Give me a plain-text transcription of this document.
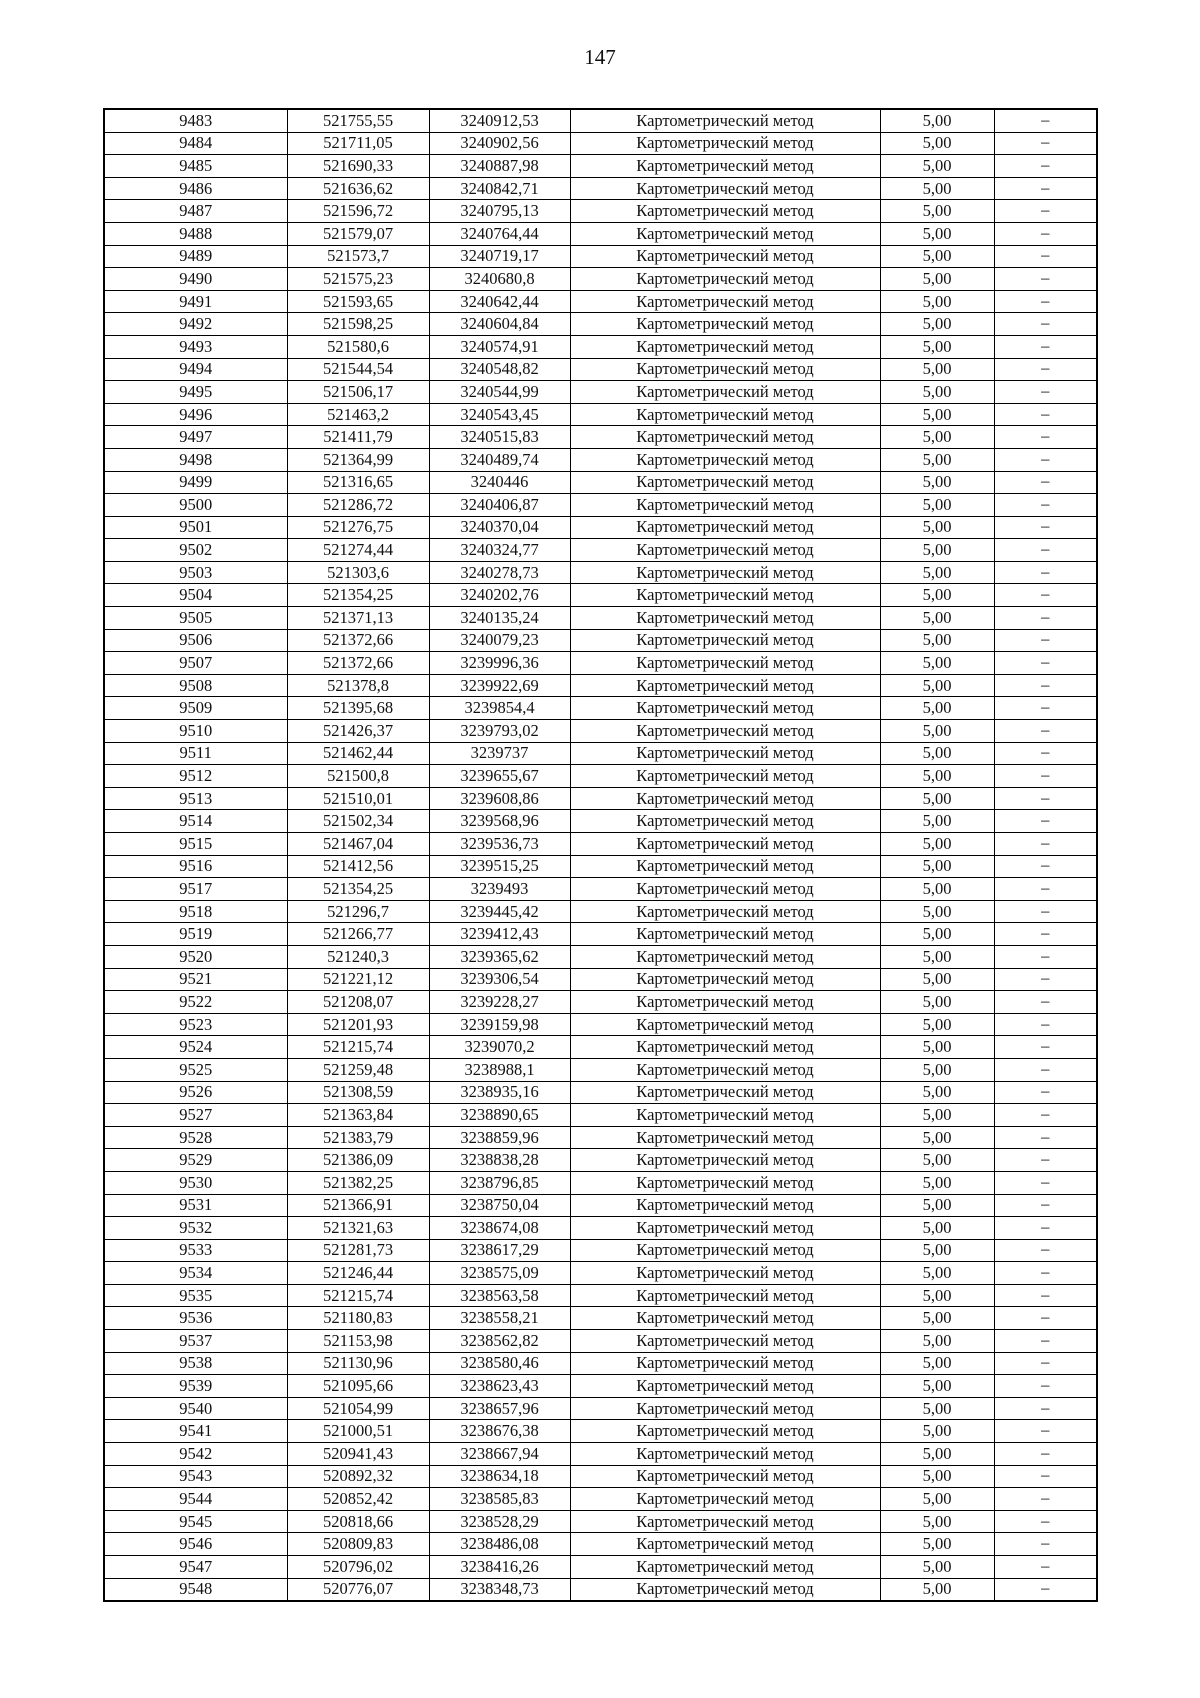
147
9483	521755,55	3240912,53	Картометрический метод	5,00	–
9484	521711,05	3240902,56	Картометрический метод	5,00	–
9485	521690,33	3240887,98	Картометрический метод	5,00	–
9486	521636,62	3240842,71	Картометрический метод	5,00	–
9487	521596,72	3240795,13	Картометрический метод	5,00	–
9488	521579,07	3240764,44	Картометрический метод	5,00	–
9489	521573,7	3240719,17	Картометрический метод	5,00	–
9490	521575,23	3240680,8	Картометрический метод	5,00	–
9491	521593,65	3240642,44	Картометрический метод	5,00	–
9492	521598,25	3240604,84	Картометрический метод	5,00	–
9493	521580,6	3240574,91	Картометрический метод	5,00	–
9494	521544,54	3240548,82	Картометрический метод	5,00	–
9495	521506,17	3240544,99	Картометрический метод	5,00	–
9496	521463,2	3240543,45	Картометрический метод	5,00	–
9497	521411,79	3240515,83	Картометрический метод	5,00	–
9498	521364,99	3240489,74	Картометрический метод	5,00	–
9499	521316,65	3240446	Картометрический метод	5,00	–
9500	521286,72	3240406,87	Картометрический метод	5,00	–
9501	521276,75	3240370,04	Картометрический метод	5,00	–
9502	521274,44	3240324,77	Картометрический метод	5,00	–
9503	521303,6	3240278,73	Картометрический метод	5,00	–
9504	521354,25	3240202,76	Картометрический метод	5,00	–
9505	521371,13	3240135,24	Картометрический метод	5,00	–
9506	521372,66	3240079,23	Картометрический метод	5,00	–
9507	521372,66	3239996,36	Картометрический метод	5,00	–
9508	521378,8	3239922,69	Картометрический метод	5,00	–
9509	521395,68	3239854,4	Картометрический метод	5,00	–
9510	521426,37	3239793,02	Картометрический метод	5,00	–
9511	521462,44	3239737	Картометрический метод	5,00	–
9512	521500,8	3239655,67	Картометрический метод	5,00	–
9513	521510,01	3239608,86	Картометрический метод	5,00	–
9514	521502,34	3239568,96	Картометрический метод	5,00	–
9515	521467,04	3239536,73	Картометрический метод	5,00	–
9516	521412,56	3239515,25	Картометрический метод	5,00	–
9517	521354,25	3239493	Картометрический метод	5,00	–
9518	521296,7	3239445,42	Картометрический метод	5,00	–
9519	521266,77	3239412,43	Картометрический метод	5,00	–
9520	521240,3	3239365,62	Картометрический метод	5,00	–
9521	521221,12	3239306,54	Картометрический метод	5,00	–
9522	521208,07	3239228,27	Картометрический метод	5,00	–
9523	521201,93	3239159,98	Картометрический метод	5,00	–
9524	521215,74	3239070,2	Картометрический метод	5,00	–
9525	521259,48	3238988,1	Картометрический метод	5,00	–
9526	521308,59	3238935,16	Картометрический метод	5,00	–
9527	521363,84	3238890,65	Картометрический метод	5,00	–
9528	521383,79	3238859,96	Картометрический метод	5,00	–
9529	521386,09	3238838,28	Картометрический метод	5,00	–
9530	521382,25	3238796,85	Картометрический метод	5,00	–
9531	521366,91	3238750,04	Картометрический метод	5,00	–
9532	521321,63	3238674,08	Картометрический метод	5,00	–
9533	521281,73	3238617,29	Картометрический метод	5,00	–
9534	521246,44	3238575,09	Картометрический метод	5,00	–
9535	521215,74	3238563,58	Картометрический метод	5,00	–
9536	521180,83	3238558,21	Картометрический метод	5,00	–
9537	521153,98	3238562,82	Картометрический метод	5,00	–
9538	521130,96	3238580,46	Картометрический метод	5,00	–
9539	521095,66	3238623,43	Картометрический метод	5,00	–
9540	521054,99	3238657,96	Картометрический метод	5,00	–
9541	521000,51	3238676,38	Картометрический метод	5,00	–
9542	520941,43	3238667,94	Картометрический метод	5,00	–
9543	520892,32	3238634,18	Картометрический метод	5,00	–
9544	520852,42	3238585,83	Картометрический метод	5,00	–
9545	520818,66	3238528,29	Картометрический метод	5,00	–
9546	520809,83	3238486,08	Картометрический метод	5,00	–
9547	520796,02	3238416,26	Картометрический метод	5,00	–
9548	520776,07	3238348,73	Картометрический метод	5,00	–
